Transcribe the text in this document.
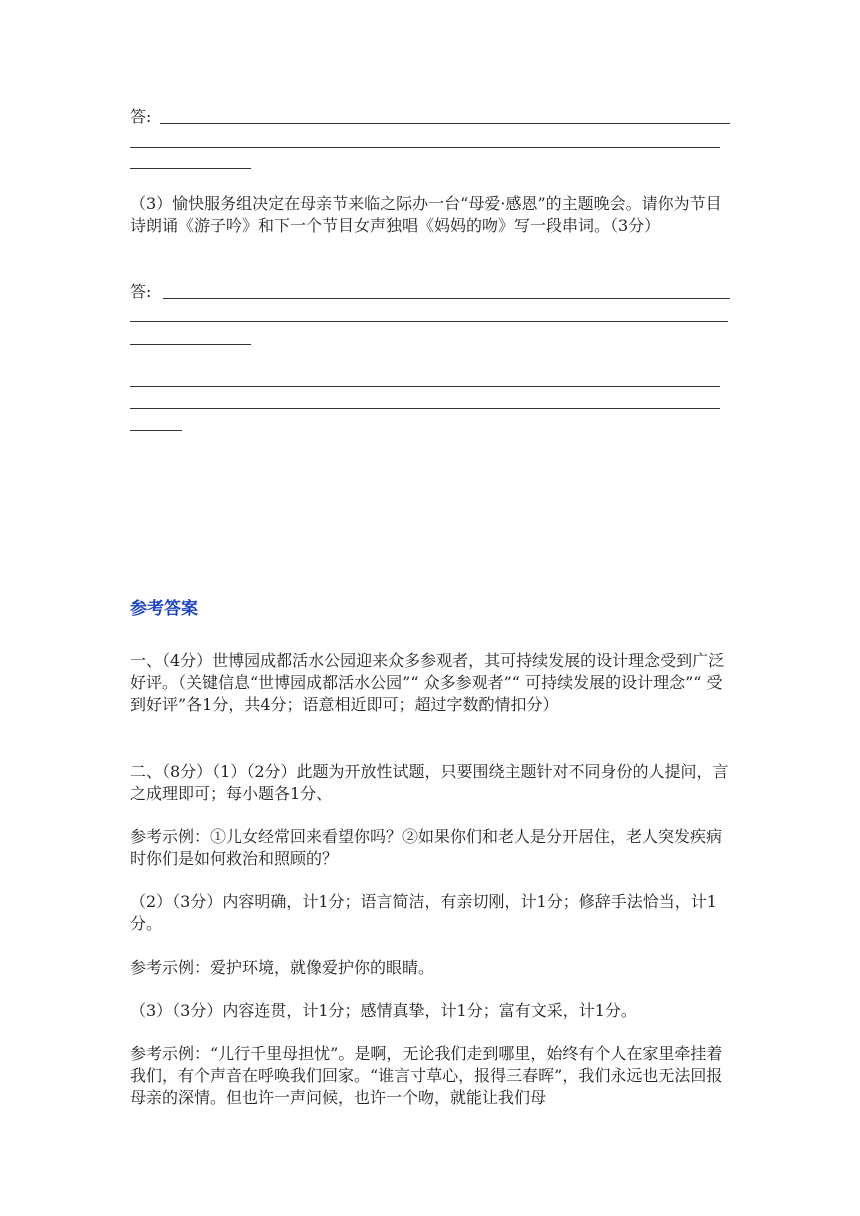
答:

（3）愉快服务组决定在母亲节来临之际办一台“母爱·感恩”的主题晚会。请你为节目诗朗诵《游子吟》和下一个节目女声独唱《妈妈的吻》写一段串词。（3分）

答:
参考答案

一、（4分）世博园成都活水公园迎来众多参观者，其可持续发展的设计理念受到广泛好评。（关键信息“世博园成都活水公园”“ 众多参观者”“ 可持续发展的设计理念”“ 受到好评”各1分，共4分；语意相近即可；超过字数酌情扣分）

二、（8分）（1）（2分）此题为开放性试题，只要围绕主题针对不同身份的人提问，言之成理即可；每小题各1分、

参考示例：①儿女经常回来看望你吗？②如果你们和老人是分开居住，老人突发疾病时你们是如何救治和照顾的？

（2）（3分）内容明确，计1分；语言简洁，有亲切刚，计1分；修辞手法恰当，计1分。

参考示例：爱护环境，就像爱护你的眼睛。

（3）（3分）内容连贯，计1分；感情真挚，计1分；富有文采，计1分。

参考示例：“儿行千里母担忧”。是啊，无论我们走到哪里，始终有个人在家里牵挂着我们，有个声音在呼唤我们回家。“谁言寸草心，报得三春晖”，我们永远也无法回报母亲的深情。但也许一声问候，也许一个吻，就能让我们母
